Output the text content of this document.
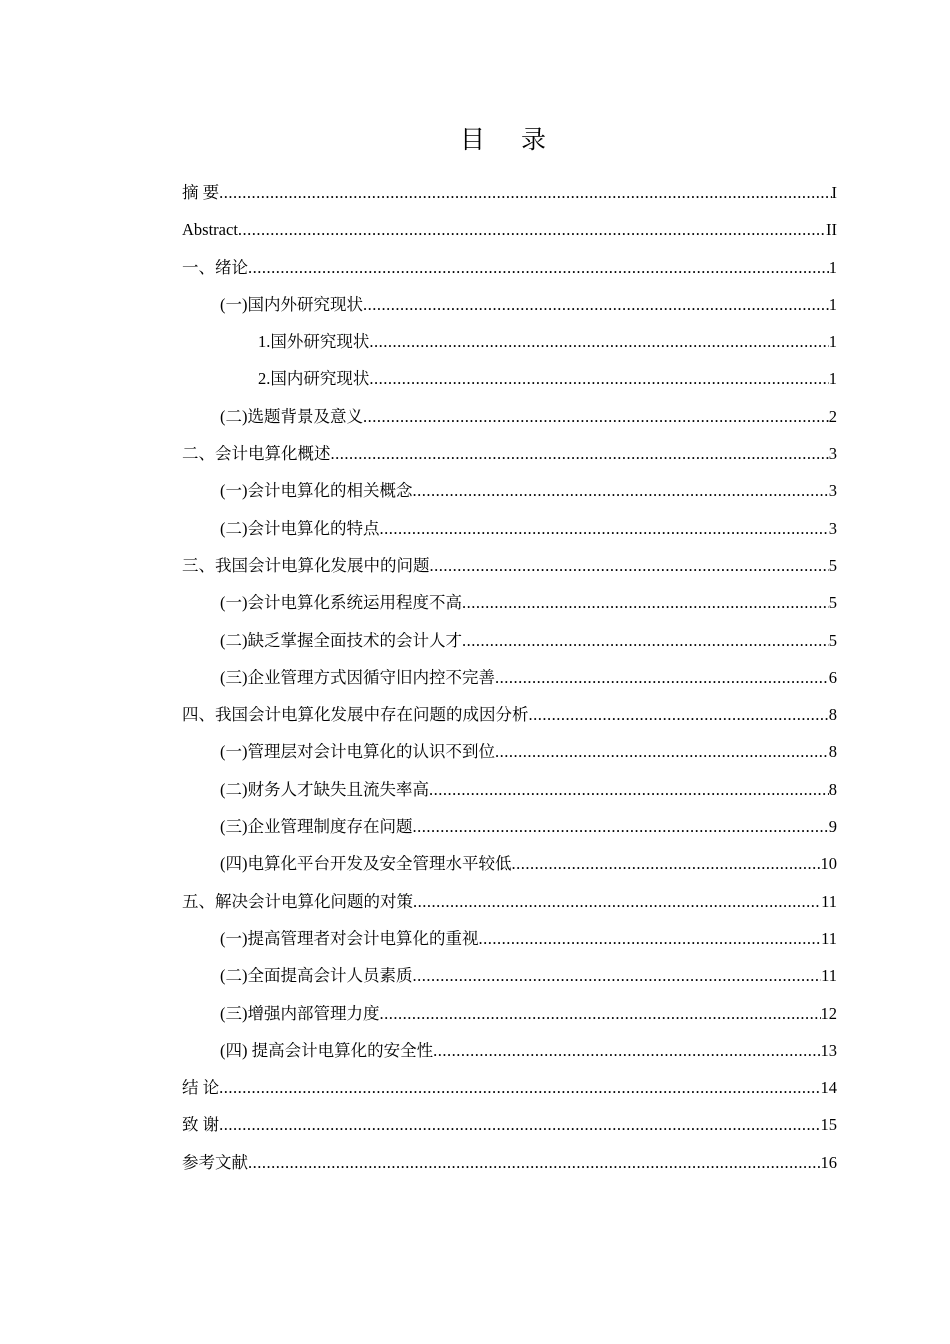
目 录
摘 要 .....	I
Abstract .....	II
一、绪论 .....	1
(一)国内外研究现状 .....	1
1.国外研究现状 .....	1
2.国内研究现状 .....	1
(二)选题背景及意义 .....	2
二、会计电算化概述 .....	3
(一)会计电算化的相关概念 .....	3
(二)会计电算化的特点 .....	3
三、我国会计电算化发展中的问题 .....	5
(一)会计电算化系统运用程度不高 .....	5
(二)缺乏掌握全面技术的会计人才 .....	5
(三)企业管理方式因循守旧内控不完善 .....	6
四、我国会计电算化发展中存在问题的成因分析 .....	8
(一)管理层对会计电算化的认识不到位 .....	8
(二)财务人才缺失且流失率高 .....	8
(三)企业管理制度存在问题 .....	9
(四)电算化平台开发及安全管理水平较低 .....	10
五、解决会计电算化问题的对策 .....	11
(一)提高管理者对会计电算化的重视 .....	11
(二)全面提高会计人员素质 .....	11
(三)增强内部管理力度 .....	12
(四) 提高会计电算化的安全性 .....	13
结 论 .....	14
致 谢 .....	15
参考文献 .....	16
